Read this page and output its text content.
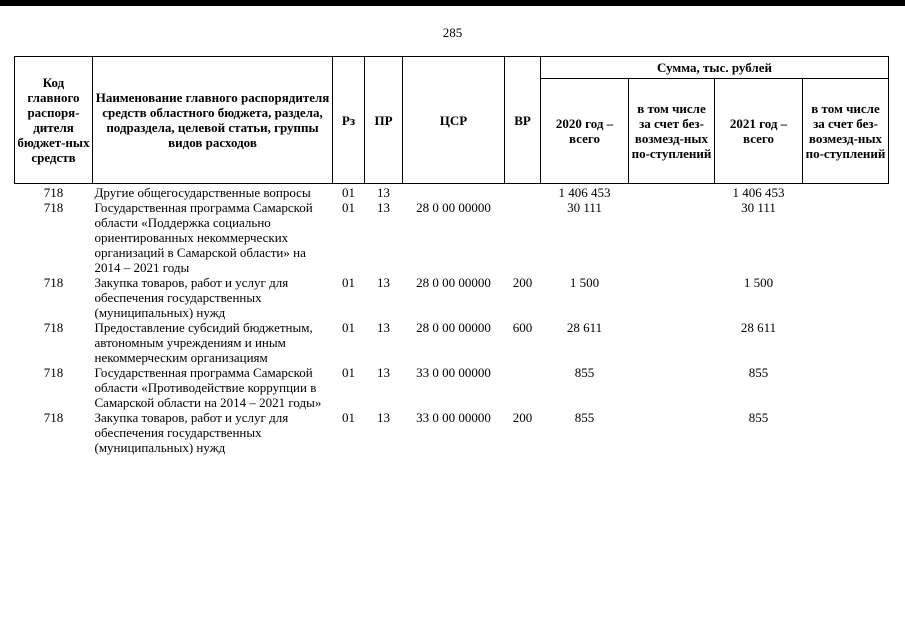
285
Код главного распоря-дителя бюджет-ных средств	Наименование главного распорядителя средств областного бюджета, раздела, подраздела, целевой статьи, группы видов расходов	Рз	ПР	ЦСР	ВР	Сумма, тыс. рублей			
						2020 год – всего	в том числе за счет без-возмезд-ных по-ступлений	2021 год – всего	в том числе за счет без-возмезд-ных по-ступлений
718	Другие общегосударственные вопросы	01	13			1 406 453		1 406 453	
718	Государственная программа Самарской области «Поддержка социально ориентированных некоммерческих организаций в Самарской области» на 2014 – 2021 годы	01	13	28 0 00 00000		30 111		30 111	
718	Закупка товаров, работ и услуг для обеспечения государственных (муниципальных) нужд	01	13	28 0 00 00000	200	1 500		1 500	
718	Предоставление субсидий бюджетным, автономным учреждениям и иным некоммерческим организациям	01	13	28 0 00 00000	600	28 611		28 611	
718	Государственная программа Самарской области «Противодействие коррупции в Самарской области на 2014 – 2021 годы»	01	13	33 0 00 00000		855		855	
718	Закупка товаров, работ и услуг для обеспечения государственных (муниципальных) нужд	01	13	33 0 00 00000	200	855		855	
